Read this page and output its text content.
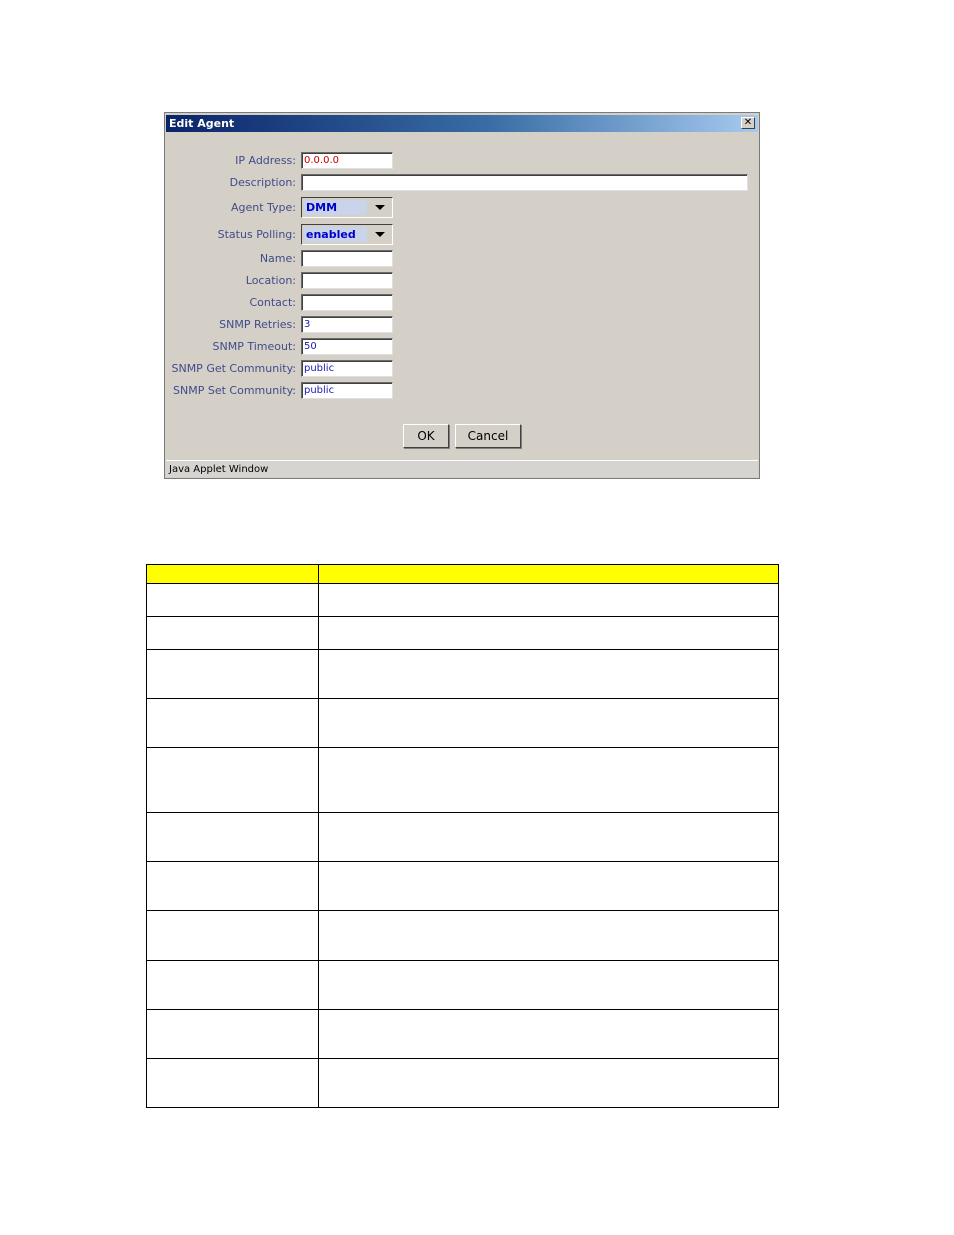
Edit Agent	✕
IP Address: 0.0.0.0
Description:
Agent Type: DMM
Status Polling: enabled
Name:
Location:
Contact:
SNMP Retries: 3
SNMP Timeout: 50
SNMP Get Community: public
SNMP Set Community: public
OK	Cancel
Java Applet Window
